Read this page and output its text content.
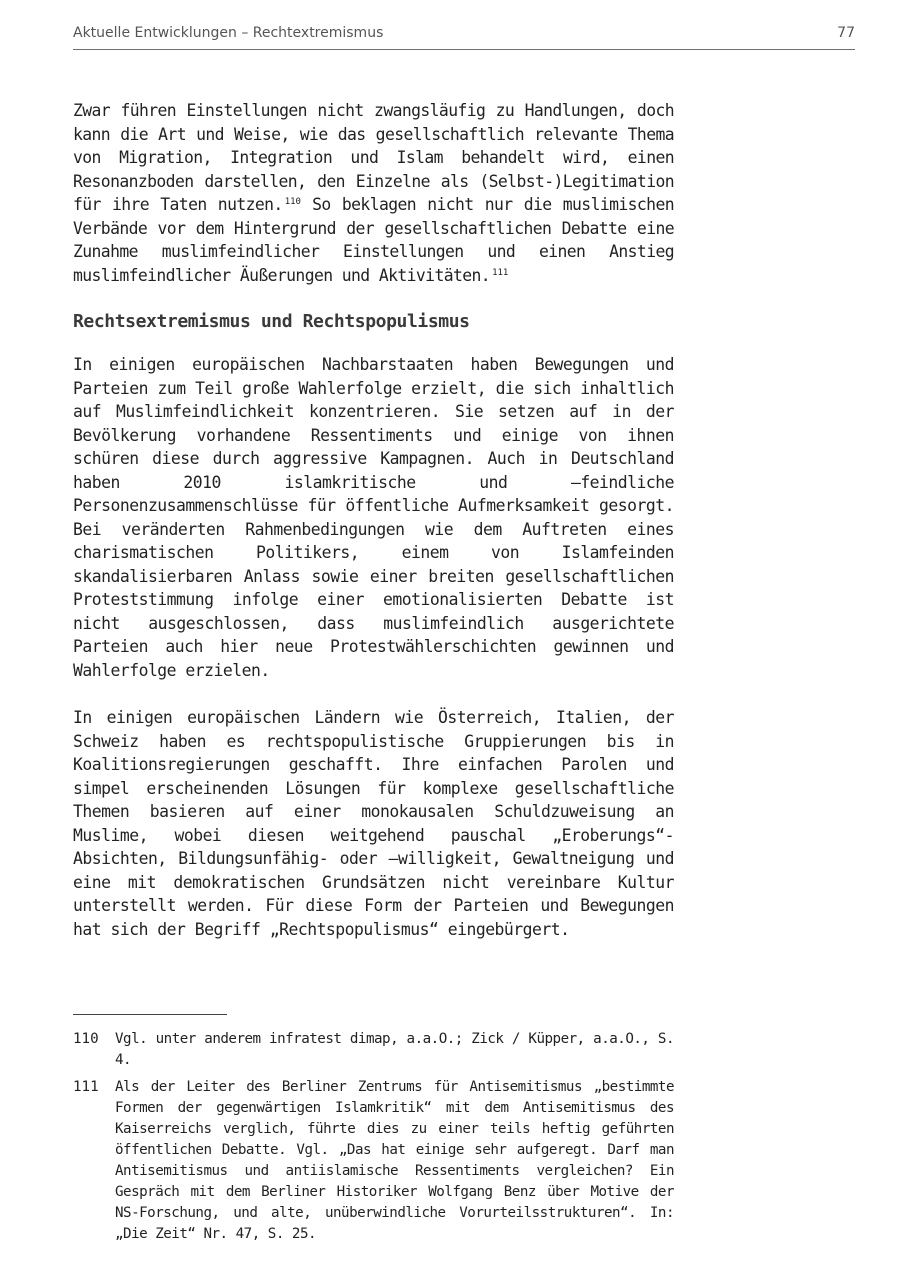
Aktuelle Entwicklungen – Rechtextremismus	77

Zwar führen Einstellungen nicht zwangsläufig zu Handlungen, doch kann die Art und Weise, wie das gesellschaftlich relevante Thema von Migration, Integration und Islam behandelt wird, einen Resonanzboden darstellen, den Einzelne als (Selbst-)Legitimation für ihre Taten nutzen. $^{110}$ So beklagen nicht nur die muslimischen Verbände vor dem Hintergrund der gesellschaftlichen Debatte eine Zunahme muslimfeindlicher Einstellungen und einen Anstieg muslimfeindlicher Äußerungen und Aktivitäten. $^{111}$

Rechtsextremismus und Rechtspopulismus

In einigen europäischen Nachbarstaaten haben Bewegungen und Parteien zum Teil große Wahlerfolge erzielt, die sich inhaltlich auf Muslimfeindlichkeit konzentrieren. Sie setzen auf in der Bevölkerung vorhandene Ressentiments und einige von ihnen schüren diese durch aggressive Kampagnen. Auch in Deutschland haben 2010 islamkritische und –feindliche Personenzusammenschlüsse für öffentliche Aufmerksamkeit gesorgt. Bei veränderten Rahmenbedingungen wie dem Auftreten eines charismatischen Politikers, einem von Islamfeinden skandalisierbaren Anlass sowie einer breiten gesellschaftlichen Proteststimmung infolge einer emotionalisierten Debatte ist nicht ausgeschlossen, dass muslimfeindlich ausgerichtete Parteien auch hier neue Protestwählerschichten gewinnen und Wahlerfolge erzielen.

In einigen europäischen Ländern wie Österreich, Italien, der Schweiz haben es rechtspopulistische Gruppierungen bis in Koalitionsregierungen geschafft. Ihre einfachen Parolen und simpel erscheinenden Lösungen für komplexe gesellschaftliche Themen basieren auf einer monokausalen Schuldzuweisung an Muslime, wobei diesen weitgehend pauschal „Eroberungs“-Absichten, Bildungsunfähig- oder –willigkeit, Gewaltneigung und eine mit demokratischen Grundsätzen nicht vereinbare Kultur unterstellt werden. Für diese Form der Parteien und Bewegungen hat sich der Begriff „Rechtspopulismus“ eingebürgert.

110 Vgl. unter anderem infratest dimap, a.a.O.; Zick / Küpper, a.a.O., S. 4.
111 Als der Leiter des Berliner Zentrums für Antisemitismus „bestimmte Formen der gegenwärtigen Islamkritik“ mit dem Antisemitismus des Kaiserreichs verglich, führte dies zu einer teils heftig geführten öffentlichen Debatte. Vgl. „Das hat einige sehr aufgeregt. Darf man Antisemitismus und antiislamische Ressentiments vergleichen? Ein Gespräch mit dem Berliner Historiker Wolfgang Benz über Motive der NS-Forschung, und alte, unüberwindliche Vorurteilsstrukturen“. In: „Die Zeit“ Nr. 47, S. 25.
